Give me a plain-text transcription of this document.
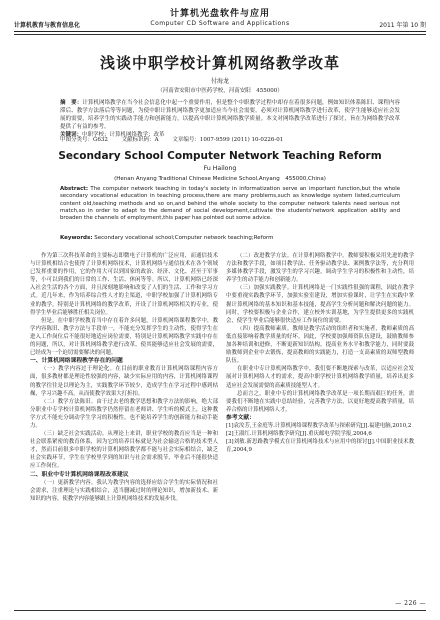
计算机光盘软件与应用
计算机教育与教育信息化	Computer CD Software and Applications	2011 年第 10 期
浅谈中职学校计算机网络教学改革
付海龙
（河南省安阳市中医药学校，河南安阳　455000）
摘　要：计算机网络教学在当今社会信息化中起一个重要作用，但是整个中职教学过程中却存在着很多问题，例如知识体系陈旧、课程内容滞后、教学方法落后等等问题，为使中职计算机网络教学更加适应当今社会需要，必须对计算机网络教学进行改革，使学生能够适应社会发展的需要，培养学生的实践动手能力和创新能力，以提高中职计算机网络教学质量。本文对网络教学改革进行了探讨，旨在为网络教学改革提供了有益的参考。
关键词：中职学校；计算机网络教学；改革
中图分类号：G632	文献标识码：A	文章编号：1007-9599 (2011) 10-0226-01
Secondary School Computer Network Teaching Reform
Fu Hailong
(Henan Anyang Traditional Chinese Medicine School,Anyang　455000,China)
Abstract: The computer network teaching in today's society in informatization serve an important function,but the whole secondary vocational education in teaching process,there are many problems,such as knowledge system listed,curriculum content old,teaching methods and so on,and behind the whole society to the computer network talents need serious not match,so in order to adapt to the demand of social development,cultivate the students'network application ability and broaden the channels of employment,this paper has pointed out some advice.
Keywords: Secondary vocational school;Computer network teaching;Reform

作为第三次科技革命的主要标志即微电子计算机的广泛应用，而通信技术与计算机相结合也使得了计算机网络技术，计算机网络与通信技术在各个领域已发挥重要的作用，它的作用大可以到国家的政治、经济、文化、甚至于军事等，小可以到我们的日常的工作、生活、休闲等等。所以，计算机网络已经深入社会生活的各个方面，并且深刻地影响和改变了人们的生活、工作和学习方式。近几年来，作为培养综合性人才的主渠道，中职学校加强了计算机网络专业的教学，特别是计算机网络的教学改革，开设了计算机网络相关的专业，使得学生毕业后能够胜任相关岗位。

但是，在中职学校教育当中存在着许多问题，计算机网络课程教学中，教学内容陈旧、教学方法与手段单一，不能充分发挥学生的主动性，使得学生在进入工作岗位后不能很好地适应岗位需要，特别是计算机网络教学实践中存在的问题，所以，对计算机网络教学进行改革，使其能够适应社会发展的需要，已经成为一个迫切需要解决的问题。

一、计算机网络课程教学存在的问题

（一）教学内容过于理论化。在目前的职业教育计算机网络课程内容方面，很多教材都是理论性较强的内容，缺少实际应用的内容，计算机网络课程的教学往往是以理论为主，实践教学环节较少，造成学生在学习过程中感到枯燥，学习兴趣不高，从而使教学效果大打折扣。

（二）教学方法陈旧。由于过去老的教学思想和教学方法的影响，绝大部分职业中专学校计算机网络教学仍然停留在老师讲、学生听的模式上，这种教学方式不能充分调动学生学习的积极性，也不能培养学生的创新能力和动手能力。

（三）缺乏社会实践活动。从理论上来讲，职业学校的教育应当是一种和社会联系紧密的教育体系，因为它的培养目标就是为社会输送合格的技术型人才，然而目前很多中职学校的计算机网络教学都不能与社会实际相结合，缺乏社会实践环节，学生在学校里学到的知识与社会需求脱节，毕业后不能很快适应工作岗位。

二、职业中专计算机网络课程改革建议

（一）更新教学内容。我认为教学内容的选择应结合学生的实际情况和社会需求，注重理论与实践相结合，适当删减过时的理论知识，增加新技术、新知识的内容，使教学内容能够跟上计算机网络技术的发展步伐。

（二）改进教学方法。在计算机网络教学中，教师要积极采用先进的教学方法和教学手段，如项目教学法、任务驱动教学法、案例教学法等，充分利用多媒体教学手段，激发学生的学习兴趣，调动学生学习的积极性和主动性，培养学生的动手能力和创新能力。

（三）加强实践教学。计算机网络是一门实践性很强的课程，因此在教学中要重视实践教学环节，加强实验室建设，增加实验课时，让学生在实践中掌握计算机网络的基本知识和基本技能，提高学生分析问题和解决问题的能力。同时，学校要积极与企业合作，建立校外实训基地，为学生提供更多的实践机会，使学生毕业后能够很快适应工作岗位的需要。

（四）提高教师素质。教师是教学活动的组织者和实施者，教师素质的高低直接影响着教学质量的好坏。因此，学校要加强师资队伍建设，鼓励教师参加各种培训和进修，不断更新知识结构，提高业务水平和教学能力，同时要鼓励教师到企业中去锻炼，提高教师的实践能力，打造一支高素质的双师型教师队伍。

在职业中专计算机网络教学中，我们要不断地探索与改革，以适应社会发展对计算机网络人才的需求，提高中职学校计算机网络教学质量，培养出更多适应社会发展需要的高素质技能型人才。

总而言之，职业中专的计算机网络教学改革是一项长期而艰巨的任务，需要我们不断地在实践中总结经验，完善教学方法，以更好地提高教学质量，培养合格的计算机网络人才。

参考文献：

[1]袁汝芳,王金庭等.计算机网络课程教学改革与探索研究[J].福建电脑,2010,2

[2]王淑红.计算机网络教学研究[J].重庆邮电学院学报,2004,6

[3]刘敏.新思路教学模式在计算机网络技术与应用中的探讨[J].中国职业技术教育,2004,9

— 226 —
